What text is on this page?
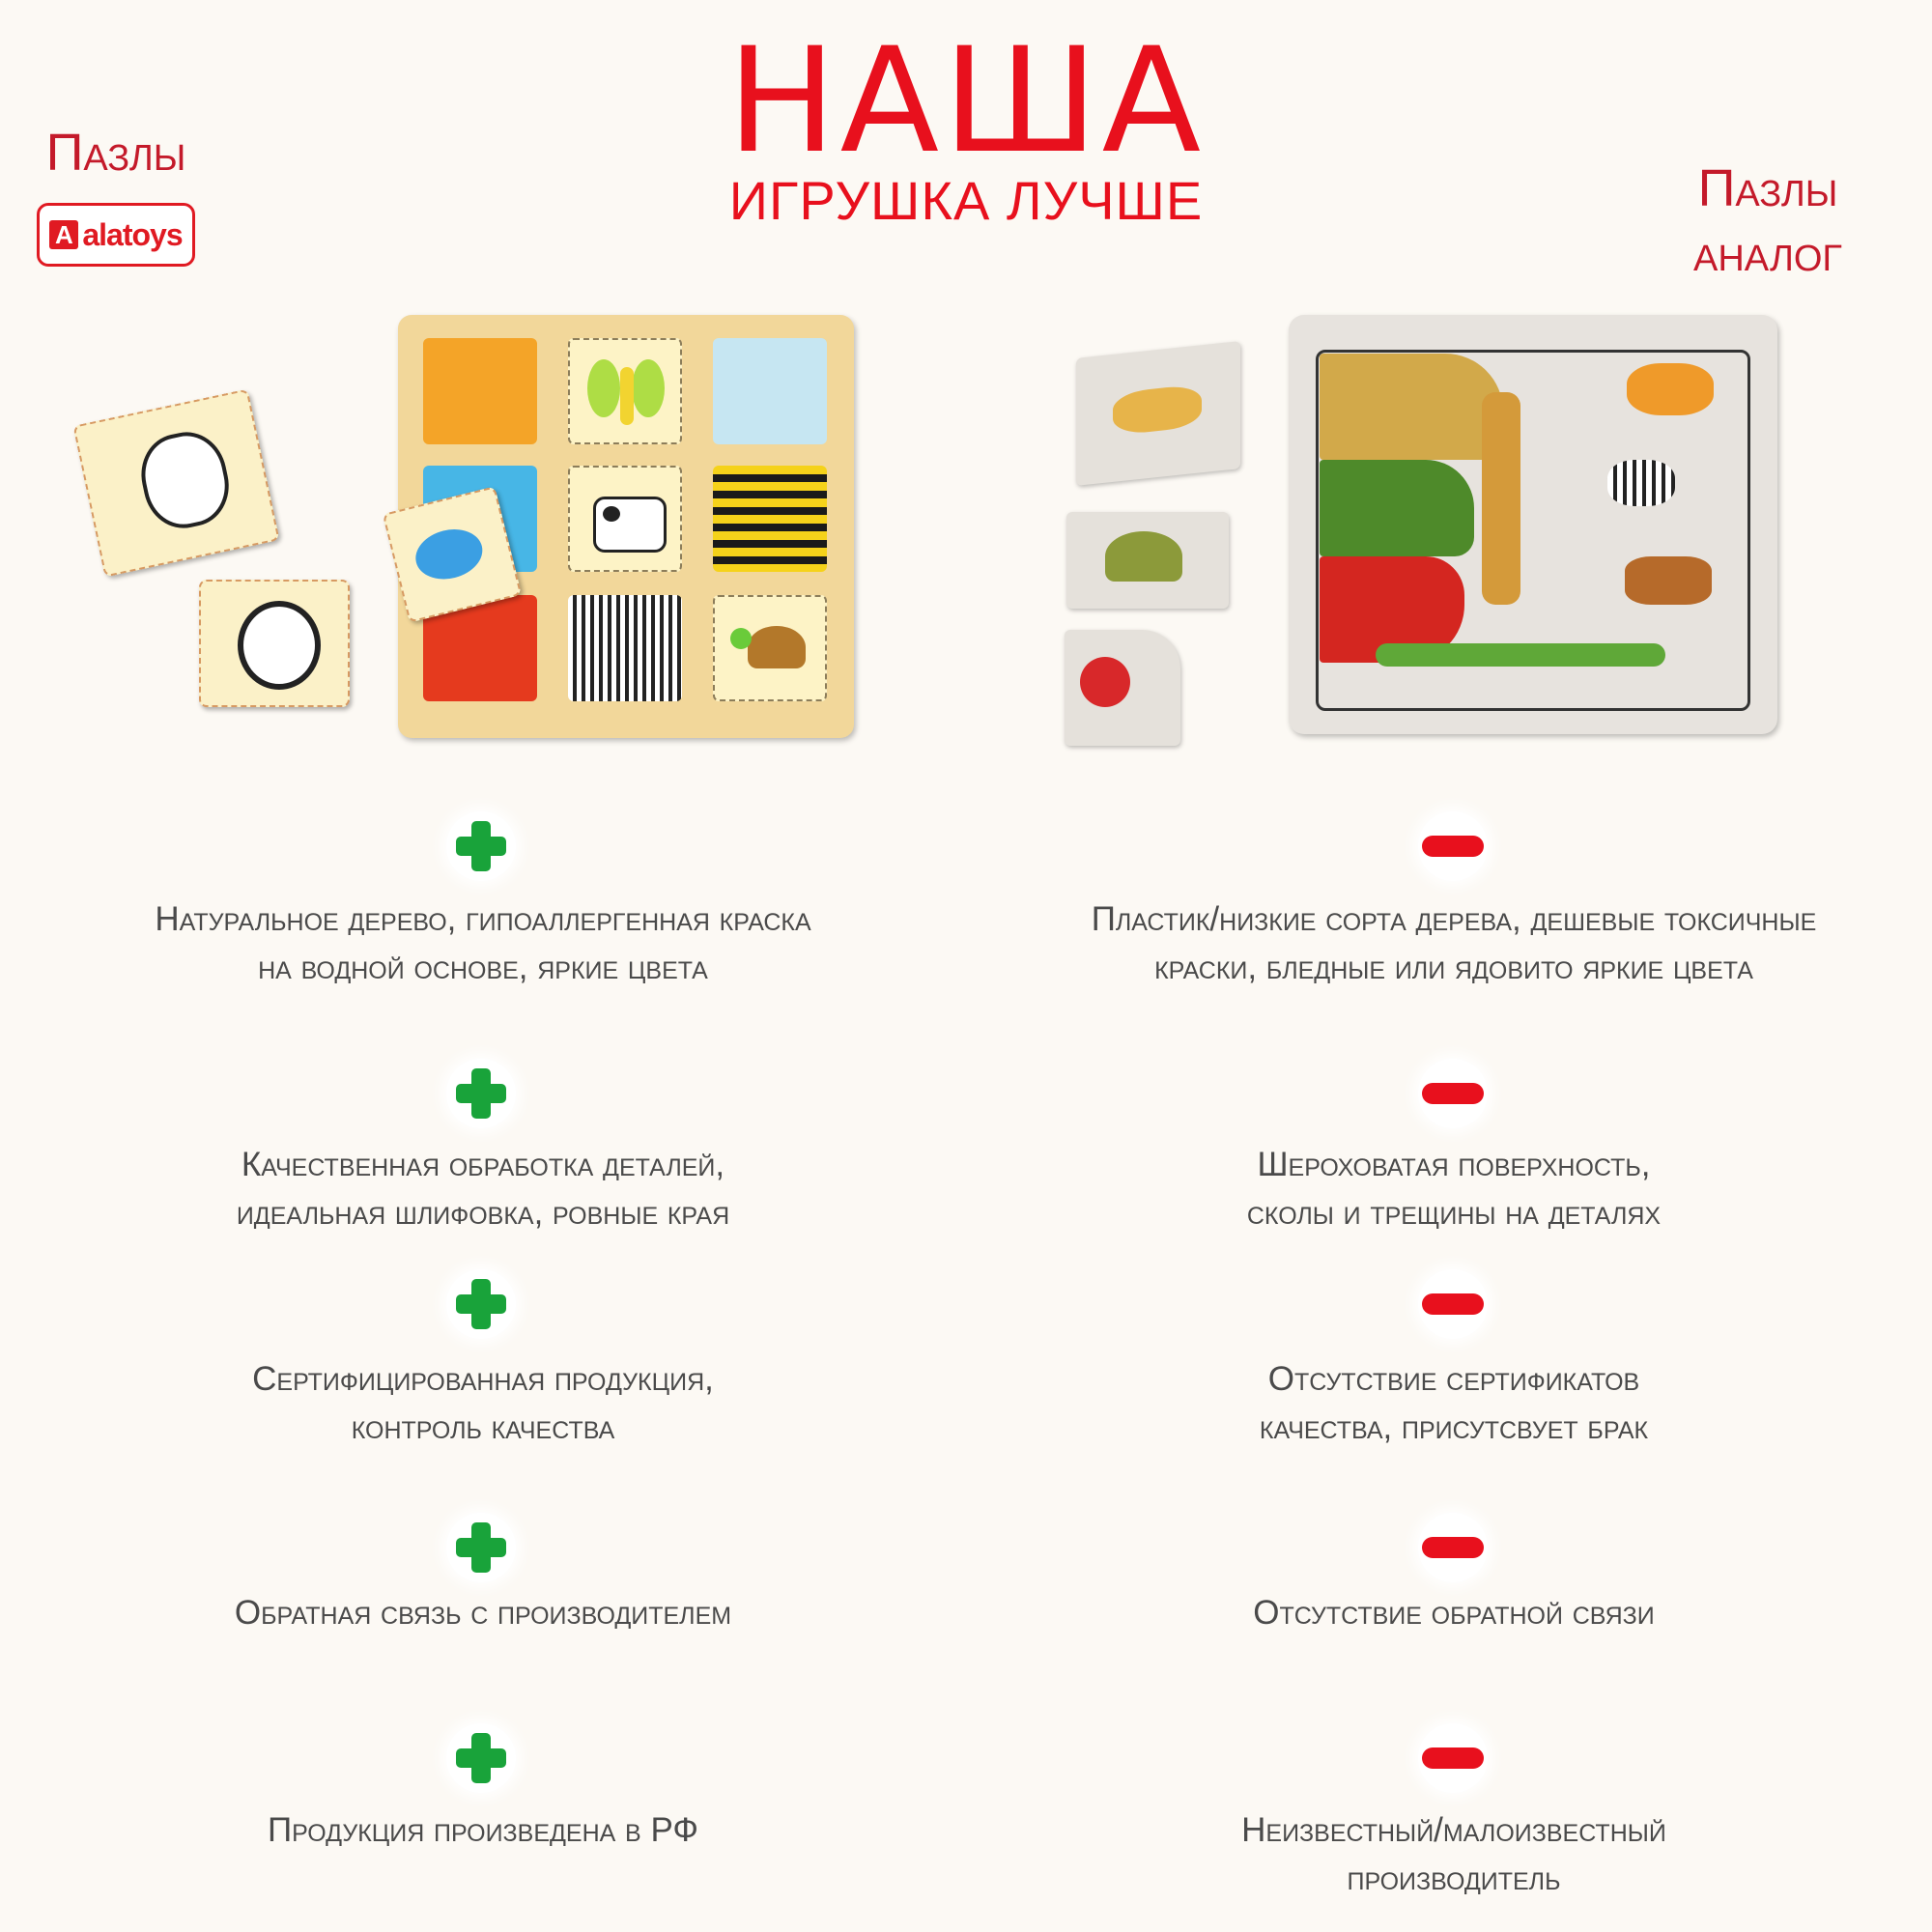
НАША
ИГРУШКА ЛУЧШЕ
Пазлы
A alatoys
Пазлы
аналог
Натуральное дерево, гипоаллергенная краска
на водной основе, яркие цвета
Пластик/низкие сорта дерева, дешевые токсичные
краски, бледные или ядовито яркие цвета
Качественная обработка деталей,
идеальная шлифовка, ровные края
Шероховатая поверхность,
сколы и трещины на деталях
Сертифицированная продукция,
контроль качества
Отсутствие сертификатов
качества, присутсвует брак
Обратная связь с производителем	Отсутствие обратной связи
Продукция произведена в РФ	Неизвестный/малоизвестный
производитель
